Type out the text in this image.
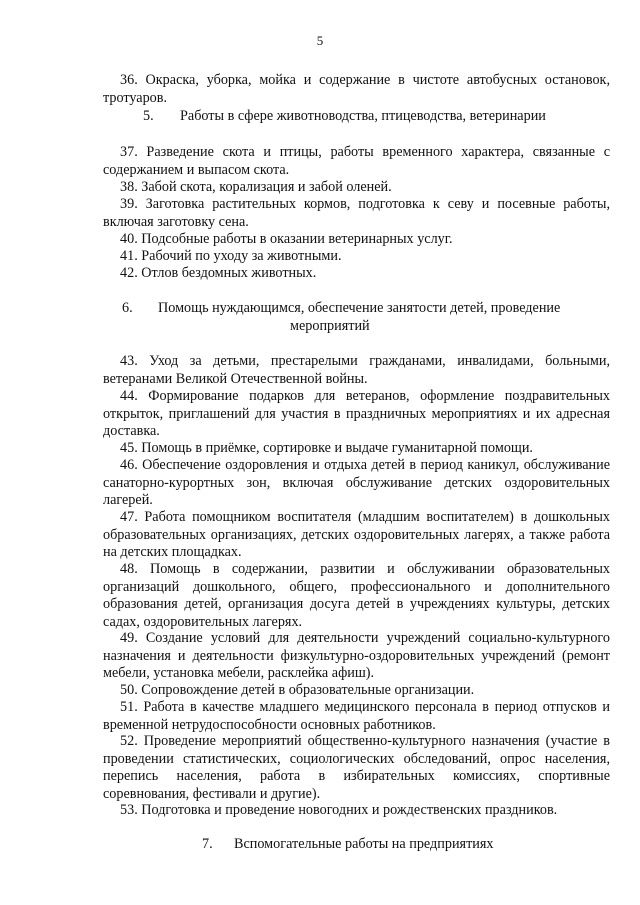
5
36. Окраска, уборка, мойка и содержание в чистоте автобусных остановок, тротуаров.
5. Работы в сфере животноводства, птицеводства, ветеринарии
37. Разведение скота и птицы, работы временного характера, связанные с содержанием и выпасом скота.
38. Забой скота, корализация и забой оленей.
39. Заготовка растительных кормов, подготовка к севу и посевные работы, включая заготовку сена.
40. Подсобные работы в оказании ветеринарных услуг.
41. Рабочий по уходу за животными.
42. Отлов бездомных животных.
6. Помощь нуждающимся, обеспечение занятости детей, проведение
мероприятий
43. Уход за детьми, престарелыми гражданами, инвалидами, больными, ветеранами Великой Отечественной войны.
44. Формирование подарков для ветеранов, оформление поздравительных открыток, приглашений для участия в праздничных мероприятиях и их адресная доставка.
45. Помощь в приёмке, сортировке и выдаче гуманитарной помощи.
46. Обеспечение оздоровления и отдыха детей в период каникул, обслуживание санаторно-курортных зон, включая обслуживание детских оздоровительных лагерей.
47. Работа помощником воспитателя (младшим воспитателем) в дошкольных образовательных организациях, детских оздоровительных лагерях, а также работа на детских площадках.
48. Помощь в содержании, развитии и обслуживании образовательных организаций дошкольного, общего, профессионального и дополнительного образования детей, организация досуга детей в учреждениях культуры, детских садах, оздоровительных лагерях.
49. Создание условий для деятельности учреждений социально-культурного назначения и деятельности физкультурно-оздоровительных учреждений (ремонт мебели, установка мебели, расклейка афиш).
50. Сопровождение детей в образовательные организации.
51. Работа в качестве младшего медицинского персонала в период отпусков и временной нетрудоспособности основных работников.
52. Проведение мероприятий общественно-культурного назначения (участие в проведении статистических, социологических обследований, опрос населения, перепись населения, работа в избирательных комиссиях, спортивные соревнования, фестивали и другие).
53. Подготовка и проведение новогодних и рождественских праздников.
7. Вспомогательные работы на предприятиях
